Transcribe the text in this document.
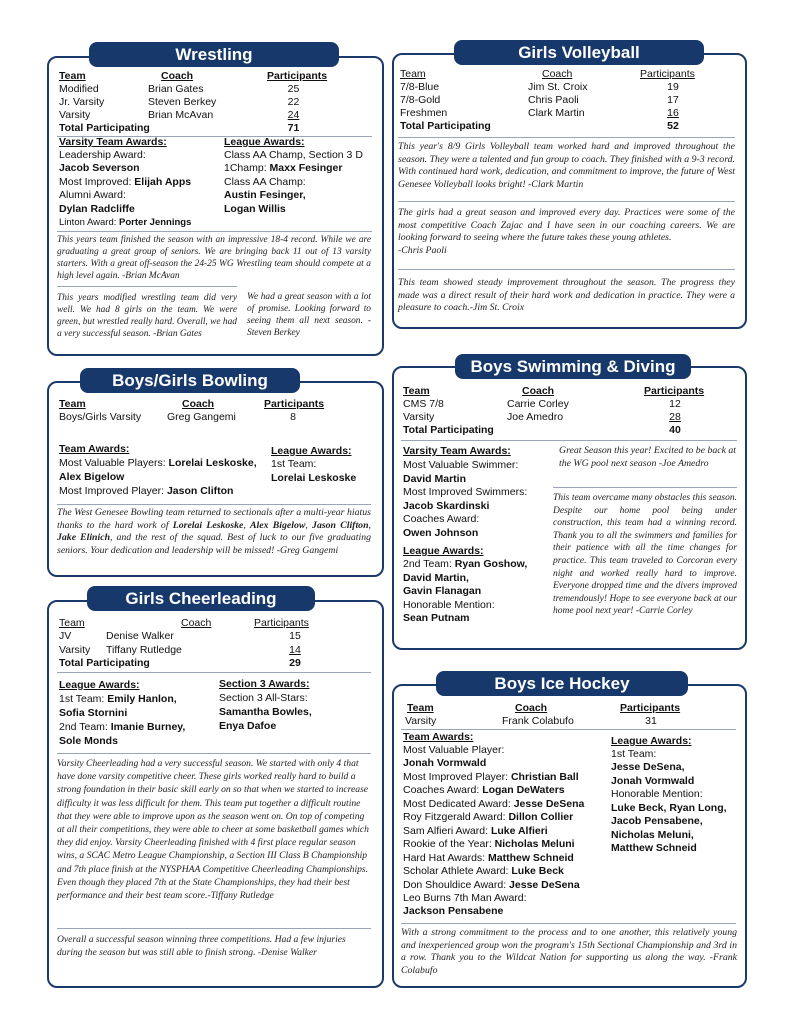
Wrestling
Team	Coach	Participants
Modified	Brian Gates	25
Jr. Varsity	Steven Berkey	22
Varsity	Brian McAvan	24
Total Participating	71
Varsity Team Awards:
Leadership Award:
Jacob Severson
Most Improved: Elijah Apps
Alumni Award:
Dylan Radcliffe
Linton Award: Porter Jennings
League Awards:
Class AA Champ, Section 3 D
1Champ: Maxx Fesinger
Class AA Champ:
Austin Fesinger,
Logan Willis
This years team finished the season with an impressive 18-4 record. While we are graduating a great group of seniors. We are bringing back 11 out of 13 varsity starters. With a great off-season the 24-25 WG Wrestling team should compete at a high level again. -Brian McAvan
This years modified wrestling team did very well. We had 8 girls on the team. We were green, but wrestled really hard. Overall, we had a very successful season. -Brian Gates
We had a great season with a lot of promise. Looking forward to seeing them all next season. -Steven Berkey
Girls Volleyball
Team	Coach	Participants
7/8-Blue	Jim St. Croix	19
7/8-Gold	Chris Paoli	17
Freshmen	Clark Martin	16
Total Participating	52
This year's 8/9 Girls Volleyball team worked hard and improved throughout the season. They were a talented and fun group to coach. They finished with a 9-3 record. With continued hard work, dedication, and commitment to improve, the future of West Genesee Volleyball looks bright! -Clark Martin
The girls had a great season and improved every day. Practices were some of the most competitive Coach Zajac and I have seen in our coaching careers. We are looking forward to seeing where the future takes these young athletes.
-Chris Paoli
This team showed steady improvement throughout the season. The progress they made was a direct result of their hard work and dedication in practice. They were a pleasure to coach.-Jim St. Croix
Boys/Girls Bowling
Team	Coach	Participants
Boys/Girls Varsity Greg Gangemi	8
Team Awards:
Most Valuable Players: Lorelai Leskoske,
Alex Bigelow
Most Improved Player: Jason Clifton
League Awards:
1st Team:
Lorelai Leskoske
The West Genesee Bowling team returned to sectionals after a multi-year hiatus thanks to the hard work of Lorelai Leskoske, Alex Bigelow, Jason Clifton, Jake Elinich, and the rest of the squad. Best of luck to our five graduating seniors. Your dedication and leadership will be missed! -Greg Gangemi
Girls Cheerleading
Team	Coach	Participants
JV	Denise Walker	15
Varsity Tiffany Rutledge	14
Total Participating	29
League Awards:
1st Team: Emily Hanlon,
Sofia Stornini
2nd Team: Imanie Burney,
Sole Monds
Section 3 Awards:
Section 3 All-Stars:
Samantha Bowles,
Enya Dafoe
Varsity Cheerleading had a very successful season. We started with only 4 that have done varsity competitive cheer. These girls worked really hard to build a strong foundation in their basic skill early on so that when we started to increase difficulty it was less difficult for them. This team put together a difficult routine that they were able to improve upon as the season went on. On top of competing at all their competitions, they were able to cheer at some basketball games which they did enjoy. Varsity Cheerleading finished with 4 first place regular season wins, a SCAC Metro League Championship, a Section III Class B Championship and 7th place finish at the NYSPHAA Competitive Cheerleading Championships. Even though they placed 7th at the State Championships, they had their best performance and their best team score.-Tiffany Rutledge
Overall a successful season winning three competitions. Had a few injuries during the season but was still able to finish strong. -Denise Walker
Boys Swimming & Diving
Team	Coach	Participants
CMS 7/8	Carrie Corley	12
Varsity	Joe Amedro	28
Total Participating	40
Varsity Team Awards:
Most Valuable Swimmer:
David Martin
Most Improved Swimmers:
Jacob Skardinski
Coaches Award:
Owen Johnson
League Awards:
2nd Team: Ryan Goshow,
David Martin,
Gavin Flanagan
Honorable Mention:
Sean Putnam
Great Season this year! Excited to be back at the WG pool next season -Joe Amedro
This team overcame many obstacles this season. Despite our home pool being under construction, this team had a winning record. Thank you to all the swimmers and families for their patience with all the time changes for practice. This team traveled to Corcoran every night and worked really hard to improve. Everyone dropped time and the divers improved tremendously! Hope to see everyone back at our home pool next year! -Carrie Corley
Boys Ice Hockey
Team	Coach	Participants
Varsity	Frank Colabufo	31
Team Awards:
Most Valuable Player:
Jonah Vormwald
Most Improved Player: Christian Ball
Coaches Award: Logan DeWaters
Most Dedicated Award: Jesse DeSena
Roy Fitzgerald Award: Dillon Collier
Sam Alfieri Award: Luke Alfieri
Rookie of the Year: Nicholas Meluni
Hard Hat Awards: Matthew Schneid
Scholar Athlete Award: Luke Beck
Don Shouldice Award: Jesse DeSena
Leo Burns 7th Man Award:
Jackson Pensabene
League Awards:
1st Team:
Jesse DeSena,
Jonah Vormwald
Honorable Mention:
Luke Beck, Ryan Long,
Jacob Pensabene,
Nicholas Meluni,
Matthew Schneid
With a strong commitment to the process and to one another, this relatively young and inexperienced group won the program's 15th Sectional Championship and 3rd in a row. Thank you to the Wildcat Nation for supporting us along the way. -Frank Colabufo
